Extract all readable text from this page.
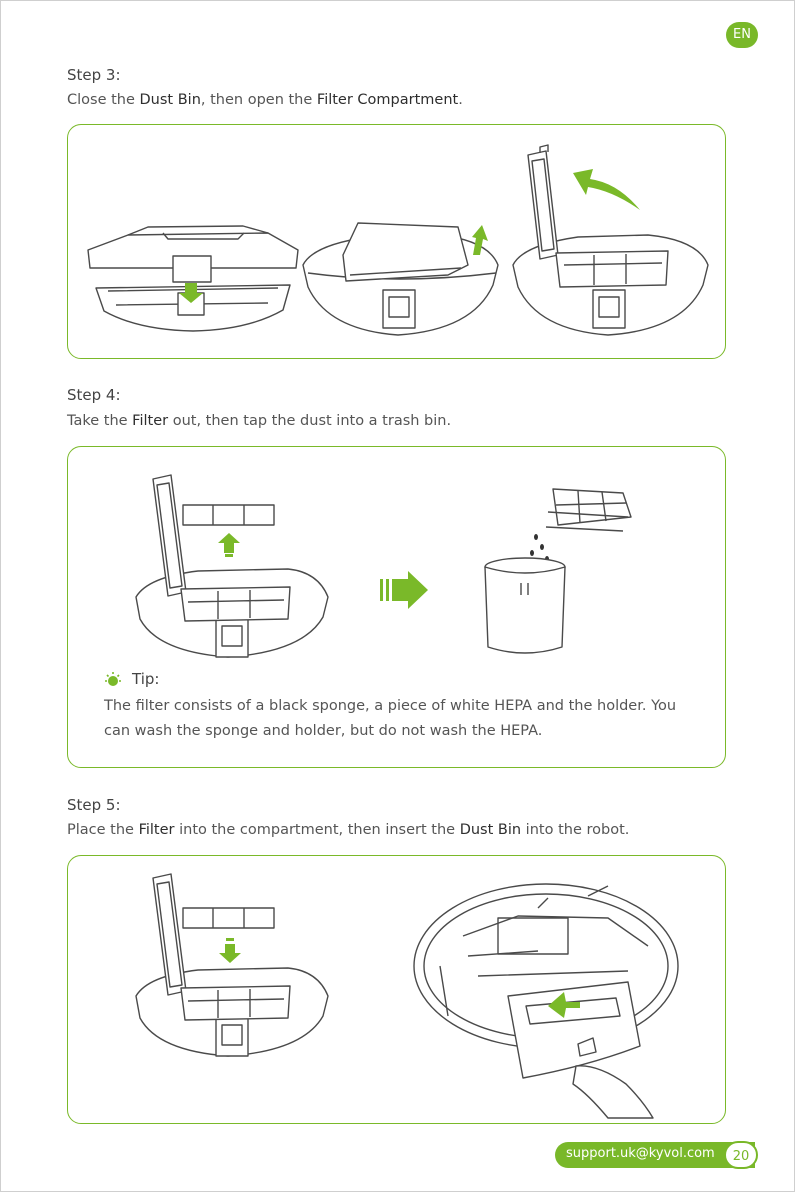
EN
Step 3:
Close the Dust Bin, then open the Filter Compartment.
Step 4:
Take the Filter out, then tap the dust into a trash bin.
Tip:
The filter consists of a black sponge, a piece of white HEPA and the holder. You can wash the sponge and holder, but do not wash the HEPA.
Step 5:
Place the Filter into the compartment, then insert the Dust Bin into the robot.
support.uk@kyvol.com	20
